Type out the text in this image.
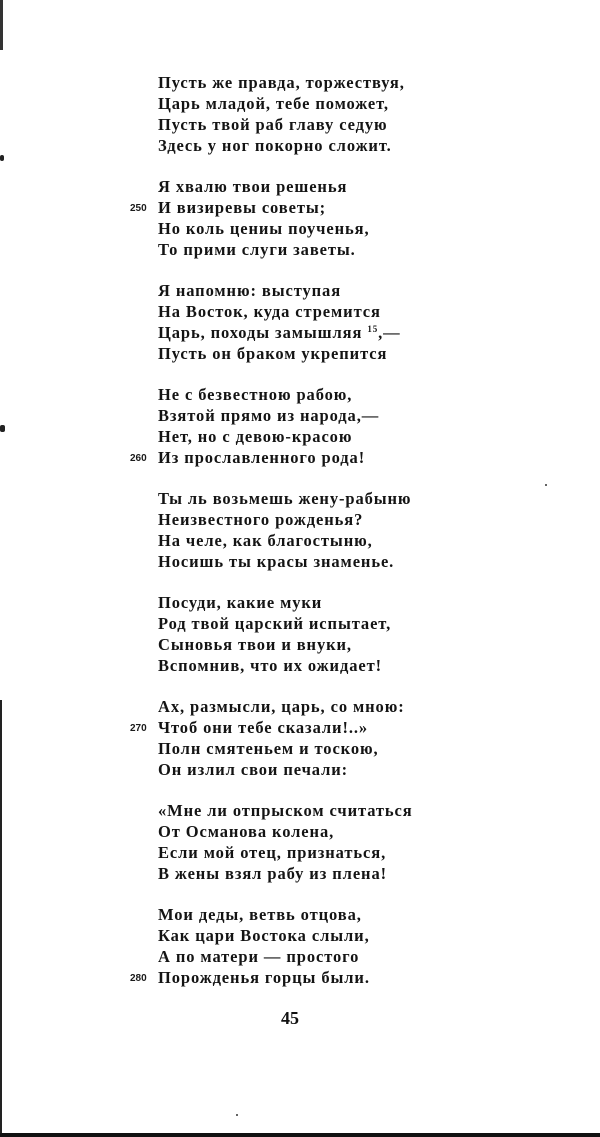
Пусть же правда, торжествуя,
Царь младой, тебе поможет,
Пусть твой раб главу седую
Здесь у ног покорно сложит.
Я хвалю твои решенья
250 И визиревы советы;
Но коль цениы поученья,
То прими слуги заветы.
Я напомню: выступая
На Восток, куда стремится
Царь, походы замышляя $^{15}$,—
Пусть он браком укрепится
Не с безвестною рабою,
Взятой прямо из народа,—
Нет, но с девою-красою
260 Из прославленного рода!
Ты ль возьмешь жену-рабыню
Неизвестного рожденья?
На челе, как благостыню,
Носишь ты красы знаменье.
Посуди, какие муки
Род твой царский испытает,
Сыновья твои и внуки,
Вспомнив, что их ожидает!
Ах, размысли, царь, со мною:
270 Чтоб они тебе сказали!..»
Полн смятеньем и тоскою,
Он излил свои печали:
«Мне ли отпрыском считаться
От Османова колена,
Если мой отец, признаться,
В жены взял рабу из плена!
Мои деды, ветвь отцова,
Как цари Востока слыли,
А по матери — простого
280 Порожденья горцы были.
45
